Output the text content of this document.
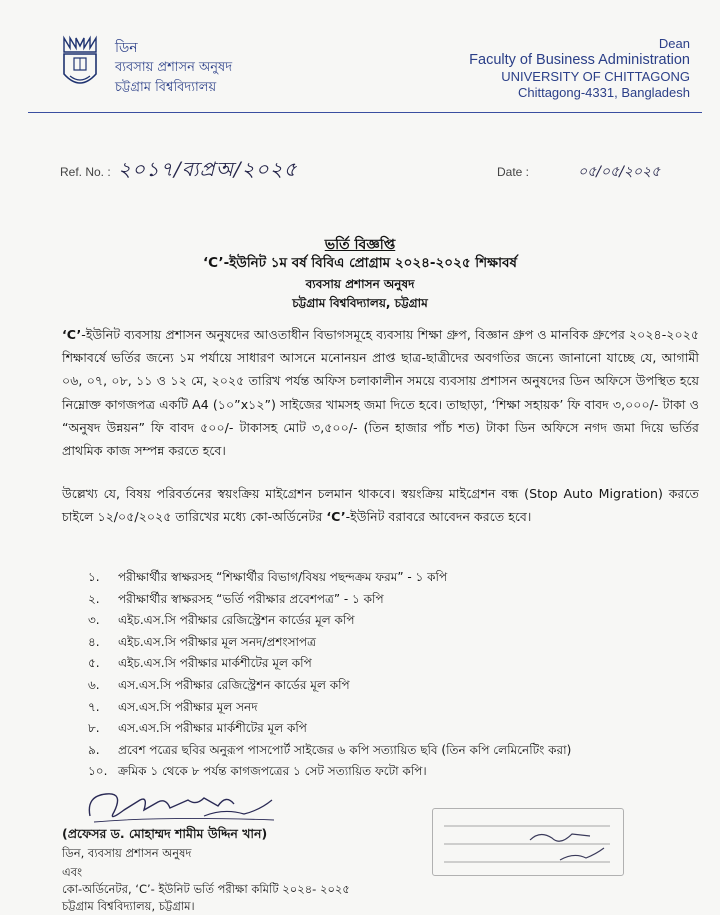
ডিন
ব্যবসায় প্রশাসন অনুষদ
চট্টগ্রাম বিশ্ববিদ্যালয়
Dean
Faculty of Business Administration
UNIVERSITY OF CHITTAGONG
Chittagong-4331, Bangladesh
Ref. No. : ২০১৭/ব্যপ্রঅ/২০২৫	Date :	০৫/০৫/২০২৫
ভর্তি বিজ্ঞপ্তি
‘C’-ইউনিট ১ম বর্ষ বিবিএ প্রোগ্রাম ২০২৪-২০২৫ শিক্ষাবর্ষ
ব্যবসায় প্রশাসন অনুষদ
চট্টগ্রাম বিশ্ববিদ্যালয়, চট্টগ্রাম
‘C’-ইউনিট ব্যবসায় প্রশাসন অনুষদের আওতাধীন বিভাগসমূহে ব্যবসায় শিক্ষা গ্রুপ, বিজ্ঞান গ্রুপ ও মানবিক গ্রুপের ২০২৪-২০২৫ শিক্ষাবর্ষে ভর্তির জন্যে ১ম পর্যায়ে সাধারণ আসনে মনোনয়ন প্রাপ্ত ছাত্র-ছাত্রীদের অবগতির জন্যে জানানো যাচ্ছে যে, আগামী ০৬, ০৭, ০৮, ১১ ও ১২ মে, ২০২৫ তারিখ পর্যন্ত অফিস চলাকালীন সময়ে ব্যবসায় প্রশাসন অনুষদের ডিন অফিসে উপস্থিত হয়ে নিম্নোক্ত কাগজপত্র একটি A4 (১০”x১২”) সাইজের খামসহ জমা দিতে হবে। তাছাড়া, ‘শিক্ষা সহায়ক’ ফি বাবদ ৩,০০০/- টাকা ও “অনুষদ উন্নয়ন” ফি বাবদ ৫০০/- টাকাসহ মোট ৩,৫০০/- (তিন হাজার পাঁচ শত) টাকা ডিন অফিসে নগদ জমা দিয়ে ভর্তির প্রাথমিক কাজ সম্পন্ন করতে হবে।
উল্লেখ্য যে, বিষয় পরিবর্তনের স্বয়ংক্রিয় মাইগ্রেশন চলমান থাকবে। স্বয়ংক্রিয় মাইগ্রেশন বন্ধ (Stop Auto Migration) করতে চাইলে ১২/০৫/২০২৫ তারিখের মধ্যে কো-অর্ডিনেটর ‘C’-ইউনিট বরাবরে আবেদন করতে হবে।
১. পরীক্ষার্থীর স্বাক্ষরসহ “শিক্ষার্থীর বিভাগ/বিষয় পছন্দক্রম ফরম” - ১ কপি
২. পরীক্ষার্থীর স্বাক্ষরসহ “ভর্তি পরীক্ষার প্রবেশপত্র” - ১ কপি
৩. এইচ.এস.সি পরীক্ষার রেজিস্ট্রেশন কার্ডের মূল কপি
৪. এইচ.এস.সি পরীক্ষার মূল সনদ/প্রশংসাপত্র
৫. এইচ.এস.সি পরীক্ষার মার্কশীটের মূল কপি
৬. এস.এস.সি পরীক্ষার রেজিস্ট্রেশন কার্ডের মূল কপি
৭. এস.এস.সি পরীক্ষার মূল সনদ
৮. এস.এস.সি পরীক্ষার মার্কশীটের মূল কপি
৯. প্রবেশ পত্রের ছবির অনুরূপ পাসপোর্ট সাইজের ৬ কপি সত্যায়িত ছবি (তিন কপি লেমিনেটিং করা)
১০. ক্রমিক ১ থেকে ৮ পর্যন্ত কাগজপত্রের ১ সেট সত্যায়িত ফটো কপি।
(প্রফেসর ড. মোহাম্মদ শামীম উদ্দিন খান)
ডিন, ব্যবসায় প্রশাসন অনুষদ
এবং
কো-অর্ডিনেটর, ‘C’- ইউনিট ভর্তি পরীক্ষা কমিটি ২০২৪- ২০২৫
চট্টগ্রাম বিশ্ববিদ্যালয়, চট্টগ্রাম।
